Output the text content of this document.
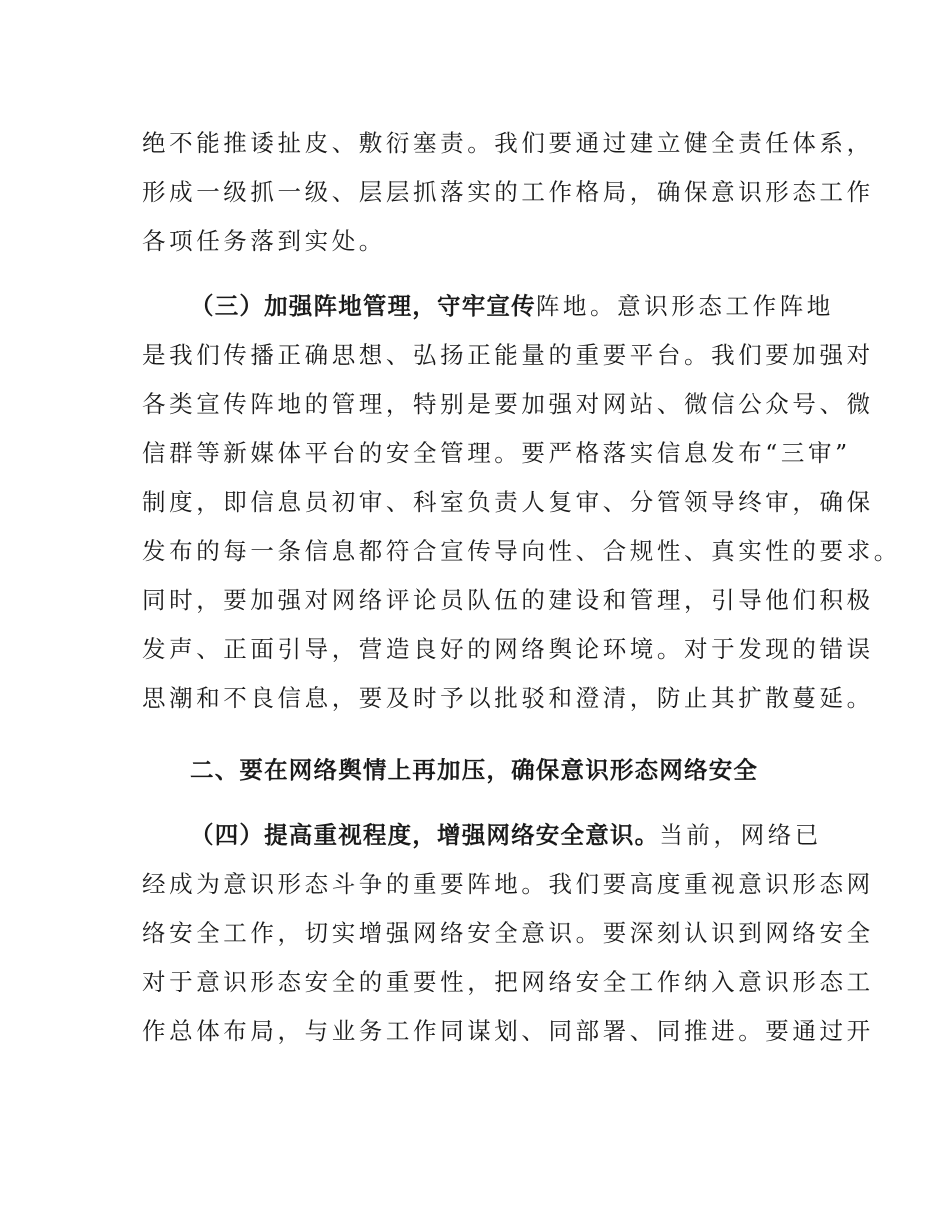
绝不能推诿扯皮、敷衍塞责。我们要通过建立健全责任体系，
形成一级抓一级、层层抓落实的工作格局，确保意识形态工作
各项任务落到实处。
（三）加强阵地管理，守牢宣传阵地。意识形态工作阵地
是我们传播正确思想、弘扬正能量的重要平台。我们要加强对
各类宣传阵地的管理，特别是要加强对网站、微信公众号、微
信群等新媒体平台的安全管理。要严格落实信息发布“三审”
制度，即信息员初审、科室负责人复审、分管领导终审，确保
发布的每一条信息都符合宣传导向性、合规性、真实性的要求。
同时，要加强对网络评论员队伍的建设和管理，引导他们积极
发声、正面引导，营造良好的网络舆论环境。对于发现的错误
思潮和不良信息，要及时予以批驳和澄清，防止其扩散蔓延。
二、要在网络舆情上再加压，确保意识形态网络安全
（四）提高重视程度，增强网络安全意识。当前，网络已
经成为意识形态斗争的重要阵地。我们要高度重视意识形态网
络安全工作，切实增强网络安全意识。要深刻认识到网络安全
对于意识形态安全的重要性，把网络安全工作纳入意识形态工
作总体布局，与业务工作同谋划、同部署、同推进。要通过开
